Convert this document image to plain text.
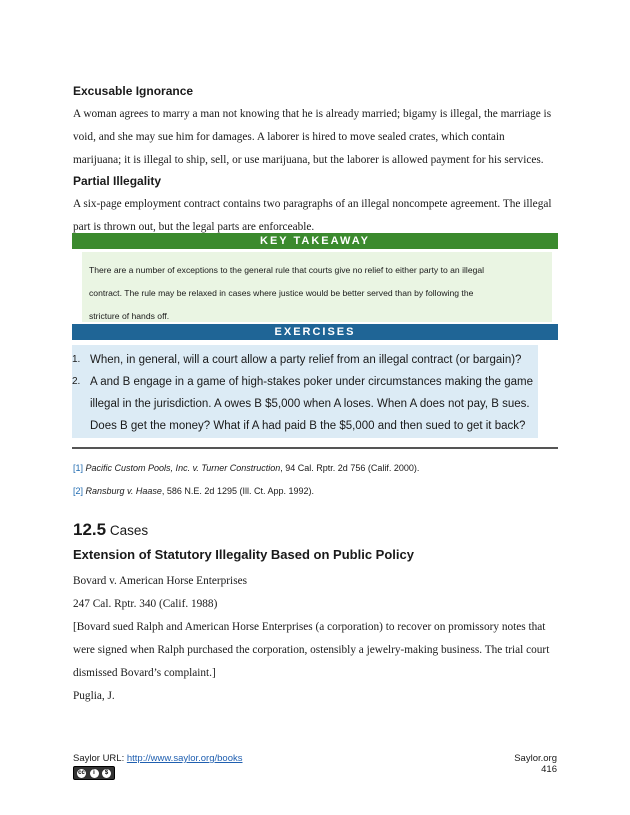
Excusable Ignorance

A woman agrees to marry a man not knowing that he is already married; bigamy is illegal, the marriage is

void, and she may sue him for damages. A laborer is hired to move sealed crates, which contain

marijuana; it is illegal to ship, sell, or use marijuana, but the laborer is allowed payment for his services.

Partial Illegality

A six-page employment contract contains two paragraphs of an illegal noncompete agreement. The illegal

part is thrown out, but the legal parts are enforceable.

KEY TAKEAWAY
There are a number of exceptions to the general rule that courts give no relief to either party to an illegal
contract. The rule may be relaxed in cases where justice would be better served than by following the
stricture of hands off.
EXERCISES
1. When, in general, will a court allow a party relief from an illegal contract (or bargain)?
2. A and B engage in a game of high-stakes poker under circumstances making the game
illegal in the jurisdiction. A owes B $5,000 when A loses. When A does not pay, B sues.
Does B get the money? What if A had paid B the $5,000 and then sued to get it back?
[1] Pacific Custom Pools, Inc. v. Turner Construction, 94 Cal. Rptr. 2d 756 (Calif. 2000).
[2] Ransburg v. Haase, 586 N.E. 2d 1295 (Ill. Ct. App. 1992).
12.5 Cases
Extension of Statutory Illegality Based on Public Policy

Bovard v. American Horse Enterprises

247 Cal. Rptr. 340 (Calif. 1988)

[Bovard sued Ralph and American Horse Enterprises (a corporation) to recover on promissory notes that

were signed when Ralph purchased the corporation, ostensibly a jewelry-making business. The trial court

dismissed Bovard’s complaint.]

Puglia, J.

Saylor URL: http://www.saylor.org/books
cc	i	$
Saylor.org
416
